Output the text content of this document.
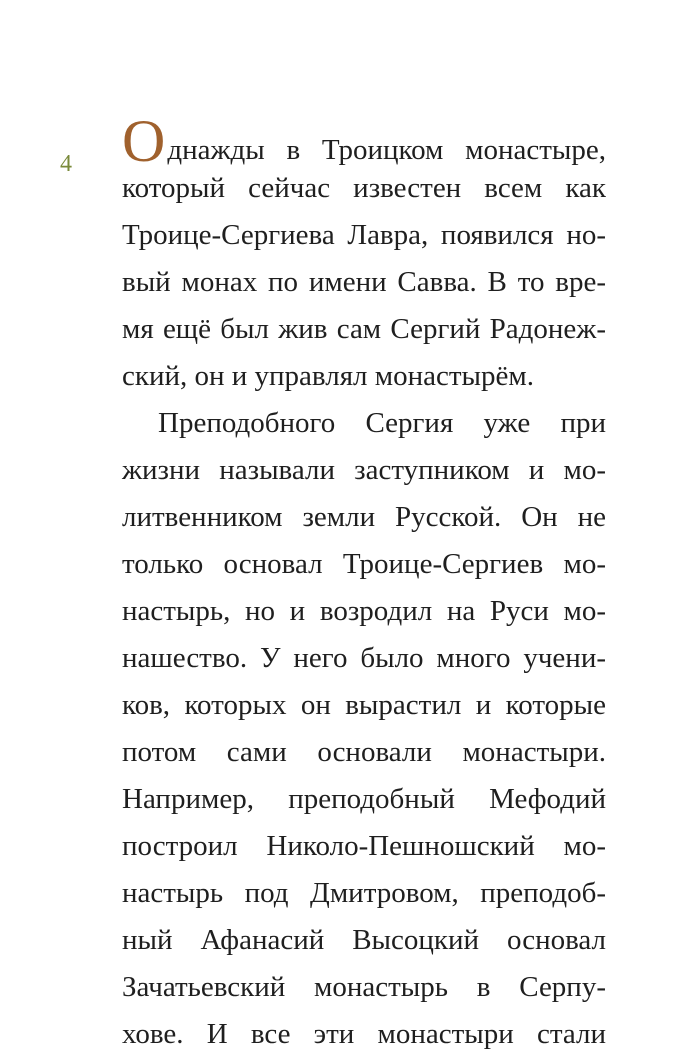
4 Однажды в Троицком монастыре,
который сейчас известен всем как
Троице-Сергиева Лавра, появился но-
вый монах по имени Савва. В то вре-
мя ещё был жив сам Сергий Радонеж-
ский, он и управлял монастырём.
Преподобного Сергия уже при
жизни называли заступником и мо-
литвенником земли Русской. Он не
только основал Троице-Сергиев мо-
настырь, но и возродил на Руси мо-
нашество. У него было много учени-
ков, которых он вырастил и которые
потом сами основали монастыри.
Например, преподобный Мефодий
построил Николо-Пешношский мо-
настырь под Дмитровом, преподоб-
ный Афанасий Высоцкий основал
Зачатьевский монастырь в Серпу-
хове. И все эти монастыри стали
